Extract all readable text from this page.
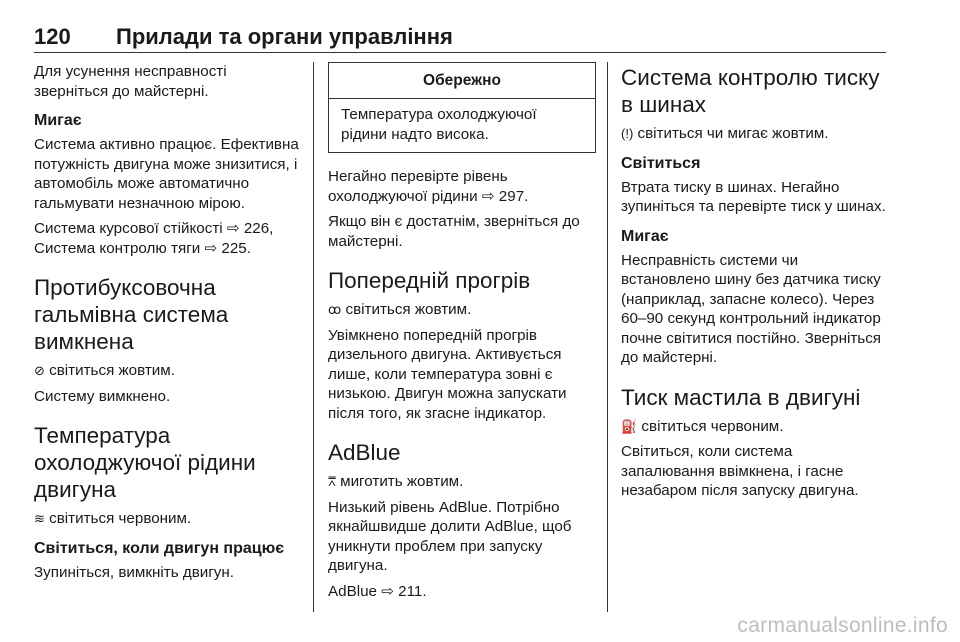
120 Прилади та органи управління

Для усунення несправності зверніться до майстерні.

Мигає

Система активно працює. Ефективна потужність двигуна може знизитися, і автомобіль може автоматично гальмувати незначною мірою.

Система курсової стійкості ⇨ 226, Система контролю тяги ⇨ 225.

Протибуксовочна гальмівна система вимкнена

⊘ світиться жовтим.

Систему вимкнено.

Температура охолоджуючої рідини двигуна

≋ світиться червоним.

Світиться, коли двигун працює

Зупиніться, вимкніть двигун.

Обережно
Температура охолоджуючої рідини надто висока.

Негайно перевірте рівень охолоджуючої рідини ⇨ 297.

Якщо він є достатнім, зверніться до майстерні.

Попередній прогрів

ꝏ світиться жовтим.

Увімкнено попередній прогрів дизельного двигуна. Активується лише, коли температура зовні є низькою. Двигун можна запускати після того, як згасне індикатор.

AdBlue

⩞ миготить жовтим.

Низький рівень AdBlue. Потрібно якнайшвидше долити AdBlue, щоб уникнути проблем при запуску двигуна.

AdBlue ⇨ 211.

Система контролю тиску в шинах

(!) світиться чи мигає жовтим.

Світиться

Втрата тиску в шинах. Негайно зупиніться та перевірте тиск у шинах.

Мигає

Несправність системи чи встановлено шину без датчика тиску (наприклад, запасне колесо). Через 60–90 секунд контрольний індикатор почне світитися постійно. Зверніться до майстерні.

Тиск мастила в двигуні

⛽ світиться червоним.

Світиться, коли система запалювання ввімкнена, і гасне незабаром після запуску двигуна.

carmanualsonline.info
